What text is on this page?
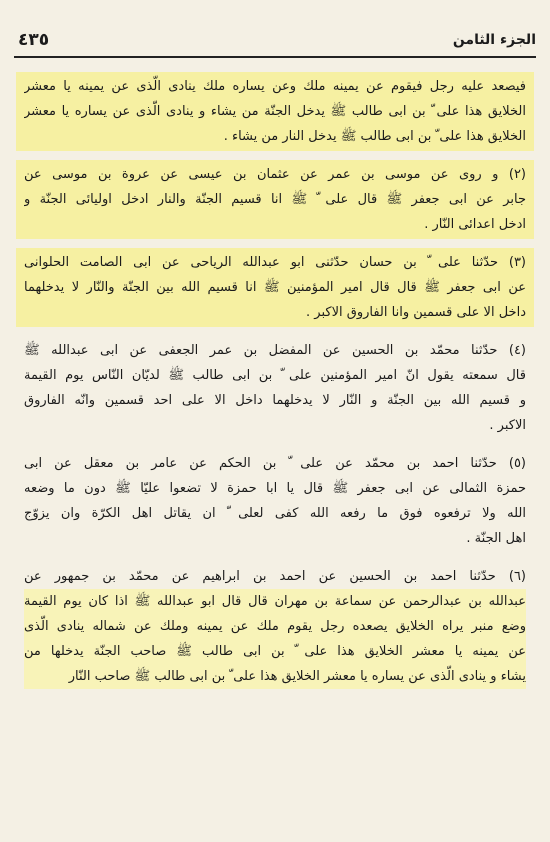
الجزء الثامن
٤٣٥
فيصعد عليه رجل فيقوم عن يمينه ملك وعن يساره ملك ينادى الّذى عن يمينه يا معشر
الخلايق هذا على ّ بن ابى طالب ﷺ يدخل الجنّة من يشاء و ينادى الّذى عن يساره يا معشر
الخلايق هذا على ّ بن ابى طالب ﷺ يدخل النار من يشاء .
(٢) و روى عن موسى بن عمر عن عثمان بن عيسى عن عروة بن موسى عن
جابر عن ابى جعفر ﷺ قال على ّ ﷺ انا قسيم الجنّة والنار ادخل اوليائى الجنّة و
ادخل اعدائى النّار .
(٣) حدّثنا على ّ بن حسان حدّثنى ابو عبدالله الرياحى عن ابى الصامت الحلوانى
عن ابى جعفر ﷺ قال قال امير المؤمنين ﷺ انا قسيم الله بين الجنّة والنّار لا يدخلهما
داخل الا على قسمين وانا الفاروق الاكبر .
(٤) حدّثنا محمّد بن الحسين عن المفضل بن عمر الجعفى عن ابى عبدالله ﷺ
قال سمعته يقول انّ امير المؤمنين على ّ بن ابى طالب ﷺ لديّان النّاس يوم القيمة
و قسيم الله بين الجنّة و النّار لا يدخلهما داخل الا على احد قسمين وانّه الفاروق
الاكبر .
(٥) حدّثنا احمد بن محمّد عن على ّ بن الحكم عن عامر بن معقل عن ابى
حمزة الثمالى عن ابى جعفر ﷺ قال يا ابا حمزة لا تضعوا عليّا ﷺ دون ما وضعه
الله ولا ترفعوه فوق ما رفعه الله كفى لعلى ّ ان يقاتل اهل الكرّة وان يزوّج
اهل الجنّة .
(٦) حدّثنا احمد بن الحسين عن احمد بن ابراهيم عن محمّد بن جمهور عن
عبدالله بن عبدالرحمن عن سماعة بن مهران قال قال ابو عبدالله ﷺ اذا كان يوم القيمة
وضع منبر يراه الخلايق يصعده رجل يقوم ملك عن يمينه وملك عن شماله ينادى الّذى
عن يمينه يا معشر الخلايق هذا على ّ بن ابى طالب ﷺ صاحب الجنّة يدخلها من
يشاء و ينادى الّذى عن يساره يا معشر الخلايق هذا على ّ بن ابى طالب ﷺ صاحب النّار
